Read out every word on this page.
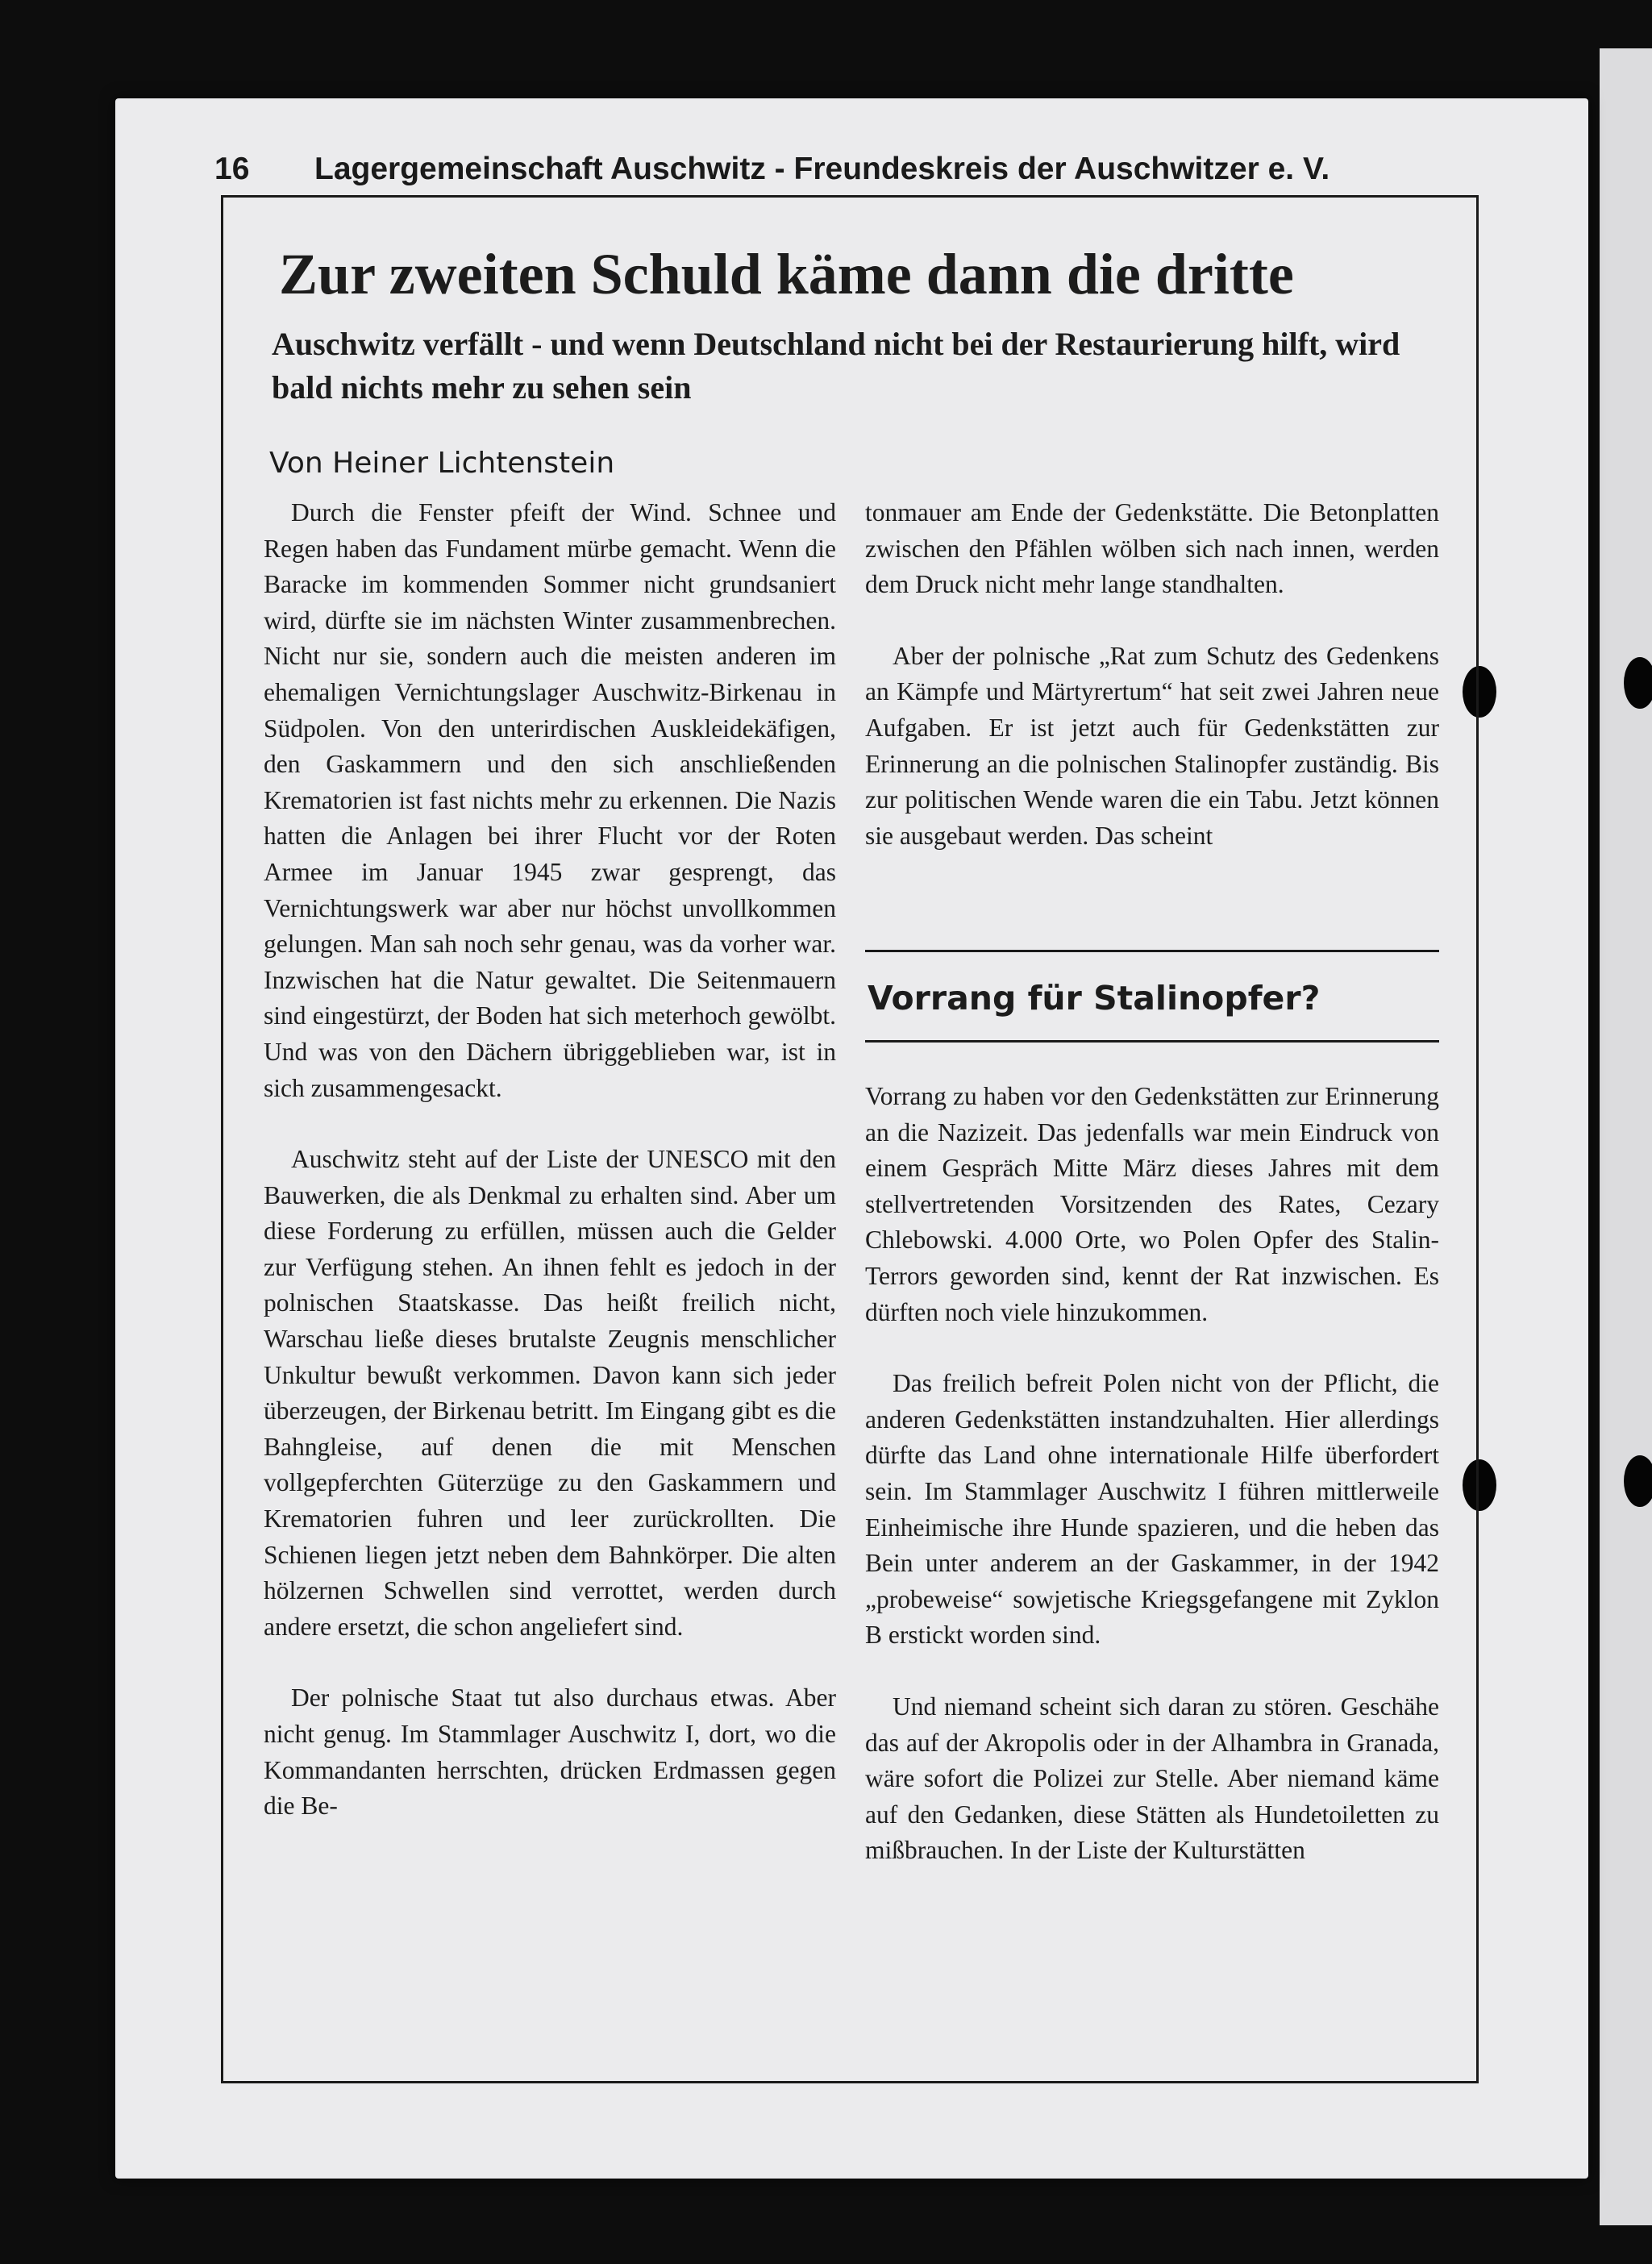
16 Lagergemeinschaft Auschwitz - Freundeskreis der Auschwitzer e. V.
Zur zweiten Schuld käme dann die dritte
Auschwitz verfällt - und wenn Deutschland nicht bei der Restaurierung hilft, wird bald nichts mehr zu sehen sein

Von Heiner Lichtenstein

Durch die Fenster pfeift der Wind. Schnee und Regen haben das Fundament mürbe gemacht. Wenn die Baracke im kommenden Sommer nicht grundsaniert wird, dürfte sie im nächsten Winter zusammenbrechen. Nicht nur sie, sondern auch die meisten anderen im ehemaligen Vernichtungslager Auschwitz-Birkenau in Südpolen. Von den unterirdischen Auskleidekäfigen, den Gaskammern und den sich anschließenden Krematorien ist fast nichts mehr zu erkennen. Die Nazis hatten die Anlagen bei ihrer Flucht vor der Roten Armee im Januar 1945 zwar gesprengt, das Vernichtungswerk war aber nur höchst unvollkommen gelungen. Man sah noch sehr genau, was da vorher war. Inzwischen hat die Natur gewaltet. Die Seitenmauern sind eingestürzt, der Boden hat sich meterhoch gewölbt. Und was von den Dächern übriggeblieben war, ist in sich zusammengesackt.

Auschwitz steht auf der Liste der UNESCO mit den Bauwerken, die als Denkmal zu erhalten sind. Aber um diese Forderung zu erfüllen, müssen auch die Gelder zur Verfügung stehen. An ihnen fehlt es jedoch in der polnischen Staatskasse. Das heißt freilich nicht, Warschau ließe dieses brutalste Zeugnis menschlicher Unkultur bewußt verkommen. Davon kann sich jeder überzeugen, der Birkenau betritt. Im Eingang gibt es die Bahngleise, auf denen die mit Menschen vollgepferchten Güterzüge zu den Gaskammern und Krematorien fuhren und leer zurückrollten. Die Schienen liegen jetzt neben dem Bahnkörper. Die alten hölzernen Schwellen sind verrottet, werden durch andere ersetzt, die schon angeliefert sind.

Der polnische Staat tut also durchaus etwas. Aber nicht genug. Im Stammlager Auschwitz I, dort, wo die Kommandanten herrschten, drücken Erdmassen gegen die Be-

tonmauer am Ende der Gedenkstätte. Die Betonplatten zwischen den Pfählen wölben sich nach innen, werden dem Druck nicht mehr lange standhalten.

Aber der polnische „Rat zum Schutz des Gedenkens an Kämpfe und Märtyrertum“ hat seit zwei Jahren neue Aufgaben. Er ist jetzt auch für Gedenkstätten zur Erinnerung an die polnischen Stalinopfer zuständig. Bis zur politischen Wende waren die ein Tabu. Jetzt können sie ausgebaut werden. Das scheint

Vorrang für Stalinopfer?

Vorrang zu haben vor den Gedenkstätten zur Erinnerung an die Nazizeit. Das jedenfalls war mein Eindruck von einem Gespräch Mitte März dieses Jahres mit dem stellvertretenden Vorsitzenden des Rates, Cezary Chlebowski. 4.000 Orte, wo Polen Opfer des Stalin-Terrors geworden sind, kennt der Rat inzwischen. Es dürften noch viele hinzukommen.

Das freilich befreit Polen nicht von der Pflicht, die anderen Gedenkstätten instandzuhalten. Hier allerdings dürfte das Land ohne internationale Hilfe überfordert sein. Im Stammlager Auschwitz I führen mittlerweile Einheimische ihre Hunde spazieren, und die heben das Bein unter anderem an der Gaskammer, in der 1942 „probeweise“ sowjetische Kriegsgefangene mit Zyklon B erstickt worden sind.

Und niemand scheint sich daran zu stören. Geschähe das auf der Akropolis oder in der Alhambra in Granada, wäre sofort die Polizei zur Stelle. Aber niemand käme auf den Gedanken, diese Stätten als Hundetoiletten zu mißbrauchen. In der Liste der Kulturstätten
